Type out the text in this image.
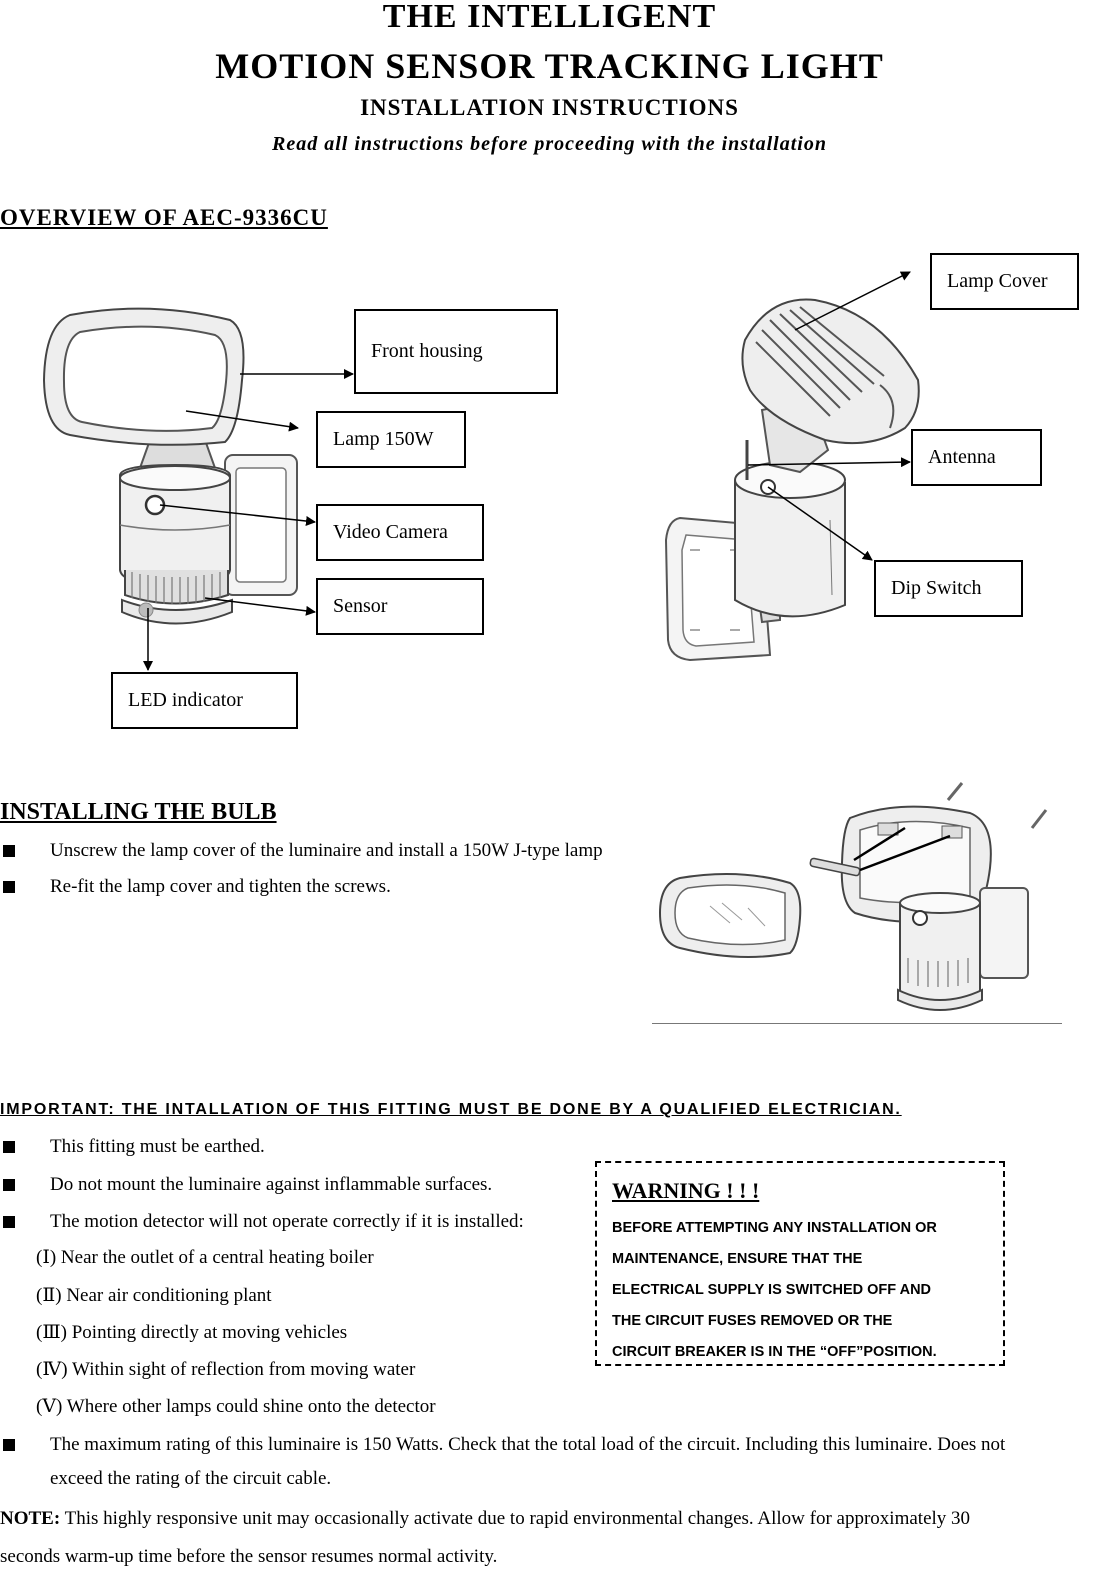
THE INTELLIGENT
MOTION SENSOR TRACKING LIGHT
INSTALLATION INSTRUCTIONS
Read all instructions before proceeding with the installation
OVERVIEW OF AEC-9336CU
Front housing
Lamp 150W
Video Camera
Sensor
LED indicator
Lamp Cover
Antenna
Dip Switch
INSTALLING THE BULB
Unscrew the lamp cover of the luminaire and install a 150W J-type lamp
Re-fit the lamp cover and tighten the screws.
IMPORTANT: THE INTALLATION OF THIS FITTING MUST BE DONE BY A QUALIFIED ELECTRICIAN.
This fitting must be earthed.
Do not mount the luminaire against inflammable surfaces.
The motion detector will not operate correctly if it is installed:
(Ⅰ) Near the outlet of a central heating boiler
(Ⅱ) Near air conditioning plant
(Ⅲ) Pointing directly at moving vehicles
(Ⅳ) Within sight of reflection from moving water
(Ⅴ) Where other lamps could shine onto the detector
The maximum rating of this luminaire is 150 Watts. Check that the total load of the circuit. Including this luminaire. Does not
exceed the rating of the circuit cable.
WARNING ! ! !
BEFORE ATTEMPTING ANY INSTALLATION OR
MAINTENANCE, ENSURE THAT THE
ELECTRICAL SUPPLY IS SWITCHED OFF AND
THE CIRCUIT FUSES REMOVED OR THE
CIRCUIT BREAKER IS IN THE “OFF”POSITION.
NOTE: This highly responsive unit may occasionally activate due to rapid environmental changes. Allow for approximately 30
seconds warm-up time before the sensor resumes normal activity.
